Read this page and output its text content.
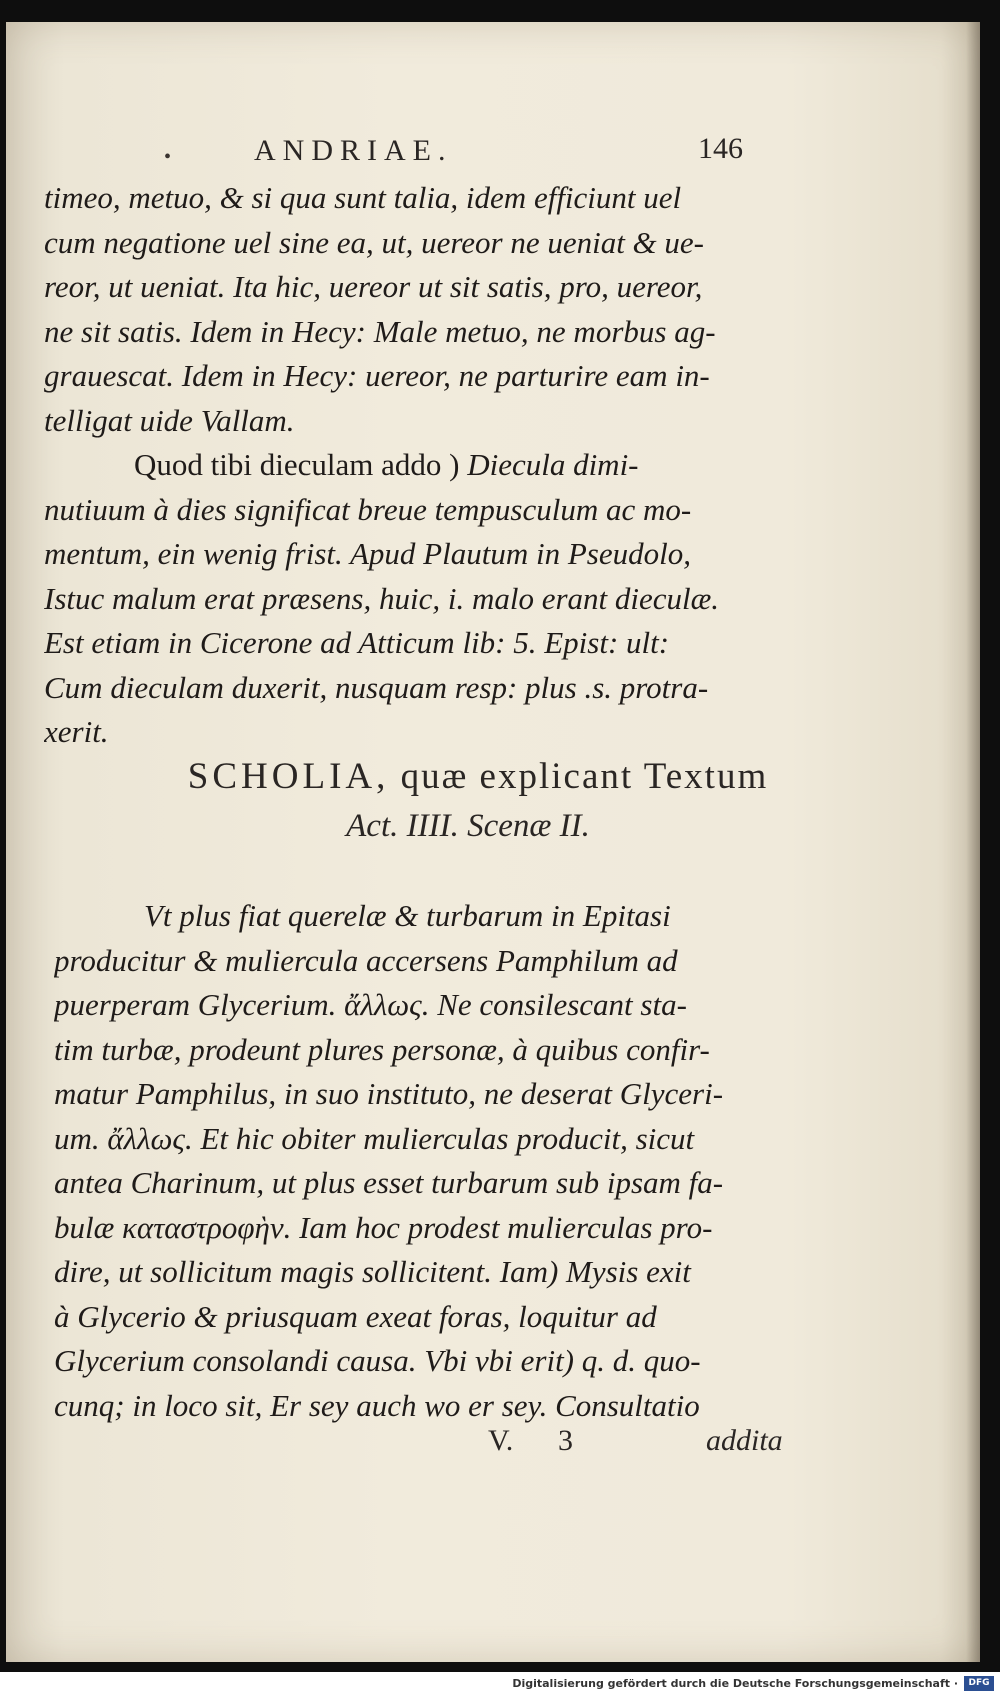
•	ANDRIAE.	146

timeo, metuo, & si qua sunt talia, idem efficiunt uel
cum negatione uel sine ea, ut, uereor ne ueniat & ue-
reor, ut ueniat. Ita hic, uereor ut sit satis, pro, uereor,
ne sit satis. Idem in Hecy: Male metuo, ne morbus ag-
grauescat. Idem in Hecy: uereor, ne parturire eam in-
telligat uide Vallam.

Quod tibi dieculam addo ) Diecula dimi-
nutiuum à dies significat breue tempusculum ac mo-
mentum, ein wenig frist. Apud Plautum in Pseudolo,
Istuc malum erat præsens, huic, i. malo erant dieculæ.
Est etiam in Cicerone ad Atticum lib: 5. Epist: ult:
Cum dieculam duxerit, nusquam resp: plus .s. protra-
xerit.

SCHOLIA, quæ explicant Textum
Act. IIII. Scenæ II.

Vt plus fiat querelæ & turbarum in Epitasi
producitur & muliercula accersens Pamphilum ad
puerperam Glycerium. ἄλλως. Ne consilescant sta-
tim turbæ, prodeunt plures personæ, à quibus confir-
matur Pamphilus, in suo instituto, ne deserat Glyceri-
um. ἄλλως. Et hic obiter mulierculas producit, sicut
antea Charinum, ut plus esset turbarum sub ipsam fa-
bulæ καταστροφὴν. Iam hoc prodest mulierculas pro-
dire, ut sollicitum magis sollicitent. Iam) Mysis exit
à Glycerio & priusquam exeat foras, loquitur ad
Glycerium consolandi causa. Vbi vbi erit) q. d. quo-
cunq; in loco sit, Er sey auch wo er sey. Consultatio

V. 3	addita
Digitalisierung gefördert durch die Deutsche Forschungsgemeinschaft ·	DFG
